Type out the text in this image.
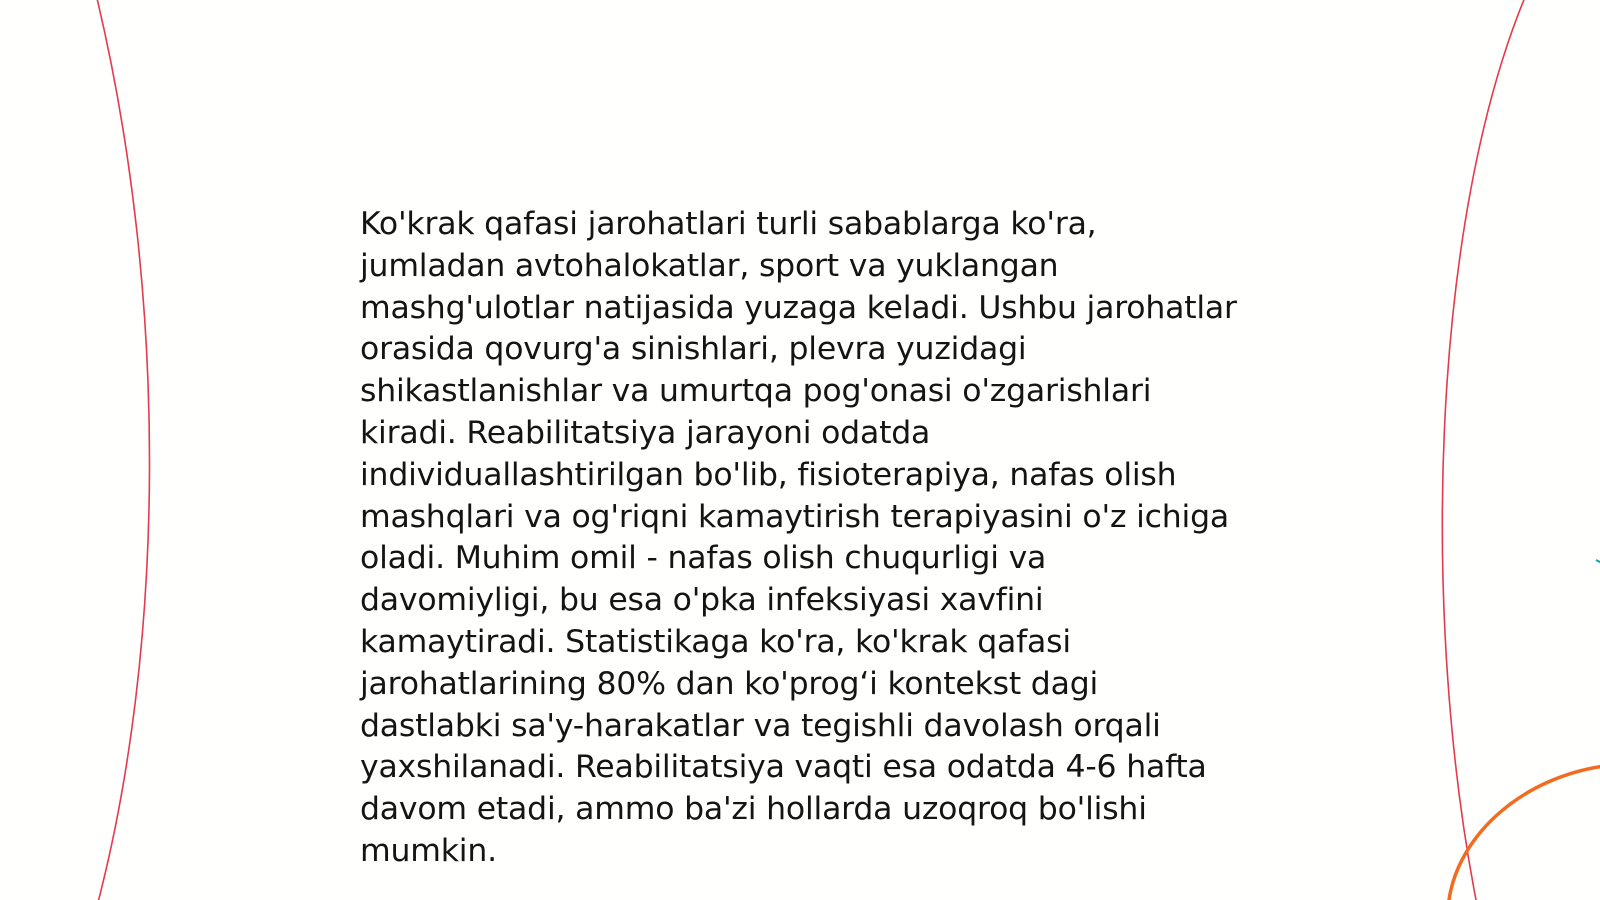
Ko'krak qafasi jarohatlari turli sabablarga ko'ra, jumladan avtohalokatlar, sport va yuklangan mashg'ulotlar natijasida yuzaga keladi. Ushbu jarohatlar orasida qovurg'a sinishlari, plevra yuzidagi shikastlanishlar va umurtqa pog'onasi o'zgarishlari kiradi. Reabilitatsiya jarayoni odatda individuallashtirilgan bo'lib, fisioterapiya, nafas olish mashqlari va og'riqni kamaytirish terapiyasini o'z ichiga oladi. Muhim omil - nafas olish chuqurligi va davomiyligi, bu esa o'pka infeksiyasi xavfini kamaytiradi. Statistikaga ko'ra, ko'krak qafasi jarohatlarining 80% dan ko'prog‘i kontekst dagi dastlabki sa'y-harakatlar va tegishli davolash orqali yaxshilanadi. Reabilitatsiya vaqti esa odatda 4-6 hafta davom etadi, ammo ba'zi hollarda uzoqroq bo'lishi mumkin.
